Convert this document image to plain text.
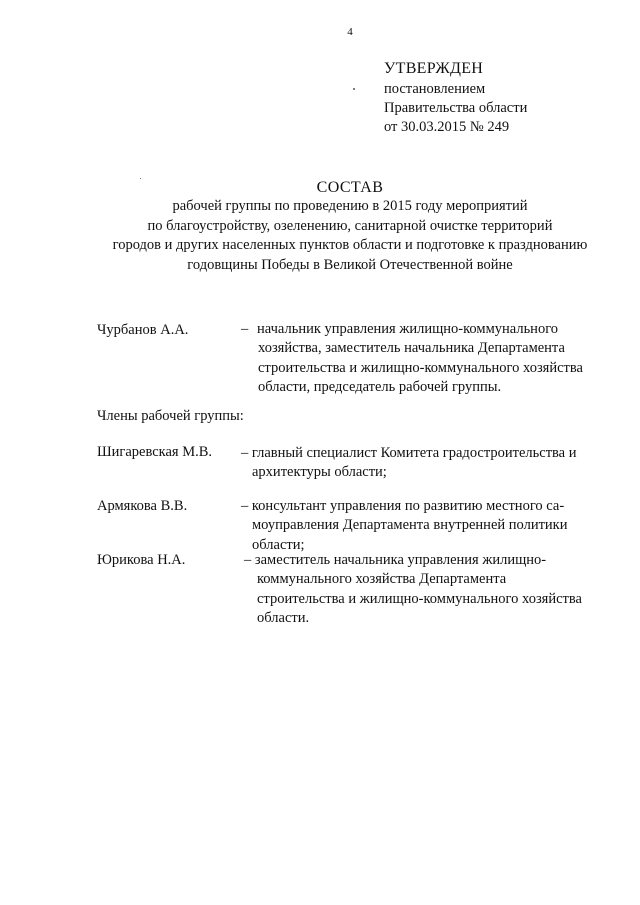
4
УТВЕРЖДЕН
постановлением
Правительства области
от 30.03.2015 № 249
СОСТАВ
рабочей группы по проведению в 2015 году мероприятий
по благоустройству, озеленению, санитарной очистке территорий
городов и других населенных пунктов области и подготовке к празднованию
годовщины Победы в Великой Отечественной войне
Чурбанов А.А.	– начальник управления жилищно-коммунального
хозяйства, заместитель начальника Департамента
строительства и жилищно-коммунального хозяйства
области, председатель рабочей группы.
Члены рабочей группы:
Шигаревская М.В. – главный специалист Комитета градостроительства и
архитектуры области;
Армякова В.В.	– консультант управления по развитию местного са-
моуправления Департамента внутренней политики
области;
Юрикова Н.А.	– заместитель начальника управления жилищно-
коммунального хозяйства Департамента
строительства и жилищно-коммунального хозяйства
области.
